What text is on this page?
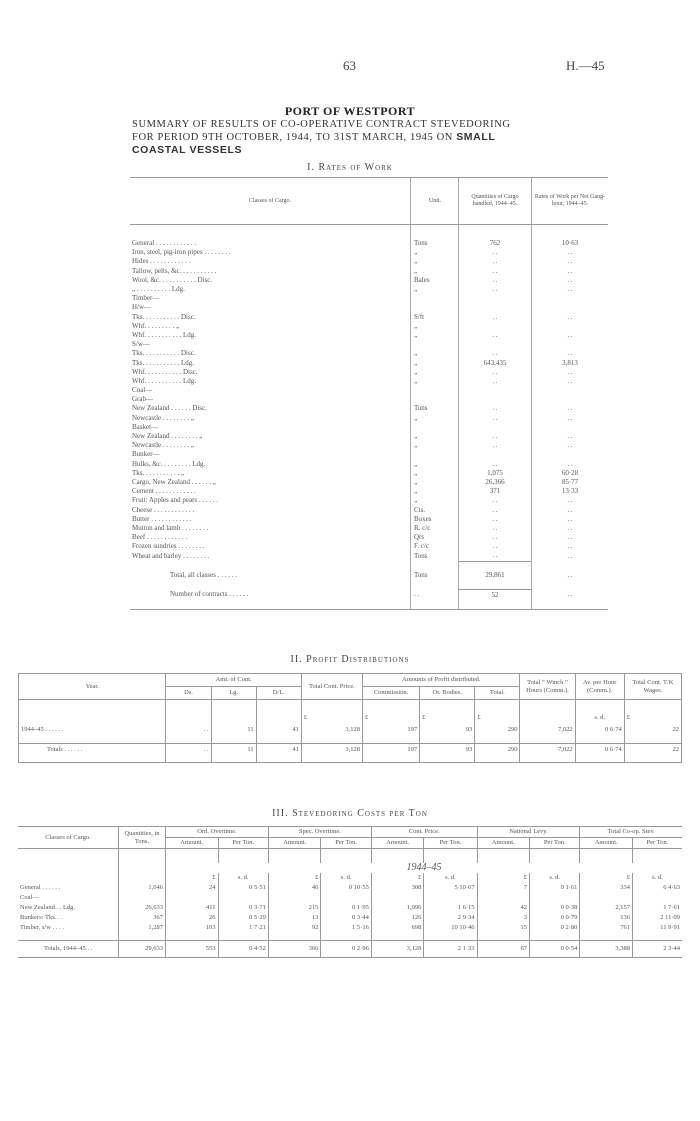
63	H.—45
PORT OF WESTPORT
SUMMARY OF RESULTS OF CO-OPERATIVE CONTRACT STEVEDORING
FOR PERIOD 9TH OCTOBER, 1944, TO 31ST MARCH, 1945 ON SMALL
COASTAL VESSELS
I. Rates of Work
Classes of Cargo.	Unit.	Quantities of Cargo handled, 1944–45.	Rates of Work per Net Gang-hour, 1944–45.

General . . . . . . . . . . . .	Tons	762	10·63
Iron, steel, pig-iron pipes . . . . . . . .	„	. .	. .
Hides . . . . . . . . . . . .	„	. .	. .
Tallow, pelts, &c. . . . . . . . . . .	„	. .	. .
Wool, &c. . . . . . . . . . . Disc.	Bales	. .	. .
„ . . . . . . . . . . Ldg.	„	. .	. .
Timber—			
H/w—			
Tks. . . . . . . . . . . Disc.	S/ft	. .	. .
Whf. . . . . . . . . „	„		
Whf. . . . . . . . . . . Ldg.	„	. .	. .
S/w—			
Tks. . . . . . . . . . . Disc.	„	. .	. .
Tks. . . . . . . . . . . Ldg.	„	643,435	3,813
Whf. . . . . . . . . . . Disc.	„	. .	. .
Whf. . . . . . . . . . . Ldg.	„	. .	. .
Coal—			
Grab—			
New Zealand . . . . . . Disc.	Tons	. .	. .
Newcastle . . . . . . . . „	„	. .	. .
Basket—			
New Zealand . . . . . . . . „	„	. .	. .
Newcastle . . . . . . . . „	„	. .	. .
Bunker—			
Hulks, &c. . . . . . . . . Ldg.	„	. .	. .
Tks. . . . . . . . . . . „	„	1,075	60·28
Cargo, New Zealand . . . . . . „	„	26,366	85·77
Cement . . . . . . . . . . . .	„	371	13·33
Fruit: Apples and pears . . . . . .	„	. .	. .
Cheese . . . . . . . . . . . .	Cts.	. .	. .
Butter . . . . . . . . . . . .	Boxes	. .	. .
Mutton and lamb . . . . . . . .	R. c/c	. .	. .
Beef . . . . . . . . . . . .	Qrs	. .	. .
Frozen sundries . . . . . . . .	F. c/c	. .	. .
Wheat and barley . . . . . . . .	Tons	. .	. .

Total, all classes . . . . . .	Tons	29,861	. .

Number of contracts . . . . . .	. .	52	. .

II. Profit Distributions
Year.	Amt. of Cont.			Total Cont. Price.	Amounts of Profit distributed.			Total “ Winch ” Hours (Comm.).	Av. per Hour (Comm.).	Total Cont. T/K Wages.
	Ds.	Lg.	D/L.		Commission.	Or. Bodies.	Total.			

				£	£	£	£		s. d.	£
1944–45 . . . . . .	. .	11	41	3,128	197	93	290	7,022	0 6·74	22

Totals . . . . . .	. .	11	41	3,128	197	93	290	7,022	0 6·74	22

III. Stevedoring Costs per Ton
Classes of Cargo.	Quantities, in Tons.	Ord. Overtime.		Spec. Overtime.		Cont. Price.		National Levy.		Total Co-op. Stev.	
		Amount.	Per Ton.	Amount.	Per Ton.	Amount.	Per Ton.	Amount.	Per Ton.	Amount.	Per Ton.

		1944–45									
		£	s. d.	£	s. d.	£	s. d.	£	s. d.	£	s. d.
General . . . . . .	1,046	24	0 5·51	46	0 10·55	308	5 10·67	7	0 1·61	334	6 4·63
Coal—											
New Zealand . . Ldg.	26,633	411	0 3·71	215	0 1·95	1,996	1 6·15	42	0 0·38	2,157	1 7·61
Bunkers: Tks. . .	367	26	0 5·29	13	0 3·44	126	2 9·34	3	0 0·79	136	2 11·09
Timber, s/w . . . .	1,287	103	1 7·21	92	1 5·16	698	10 10·46	15	0 2·80	761	11 9·91

Totals, 1944–45 . .	29,633	553	0 4·52	366	0 2·96	3,128	2 1·33	67	0 0·54	3,388	2 3·44
